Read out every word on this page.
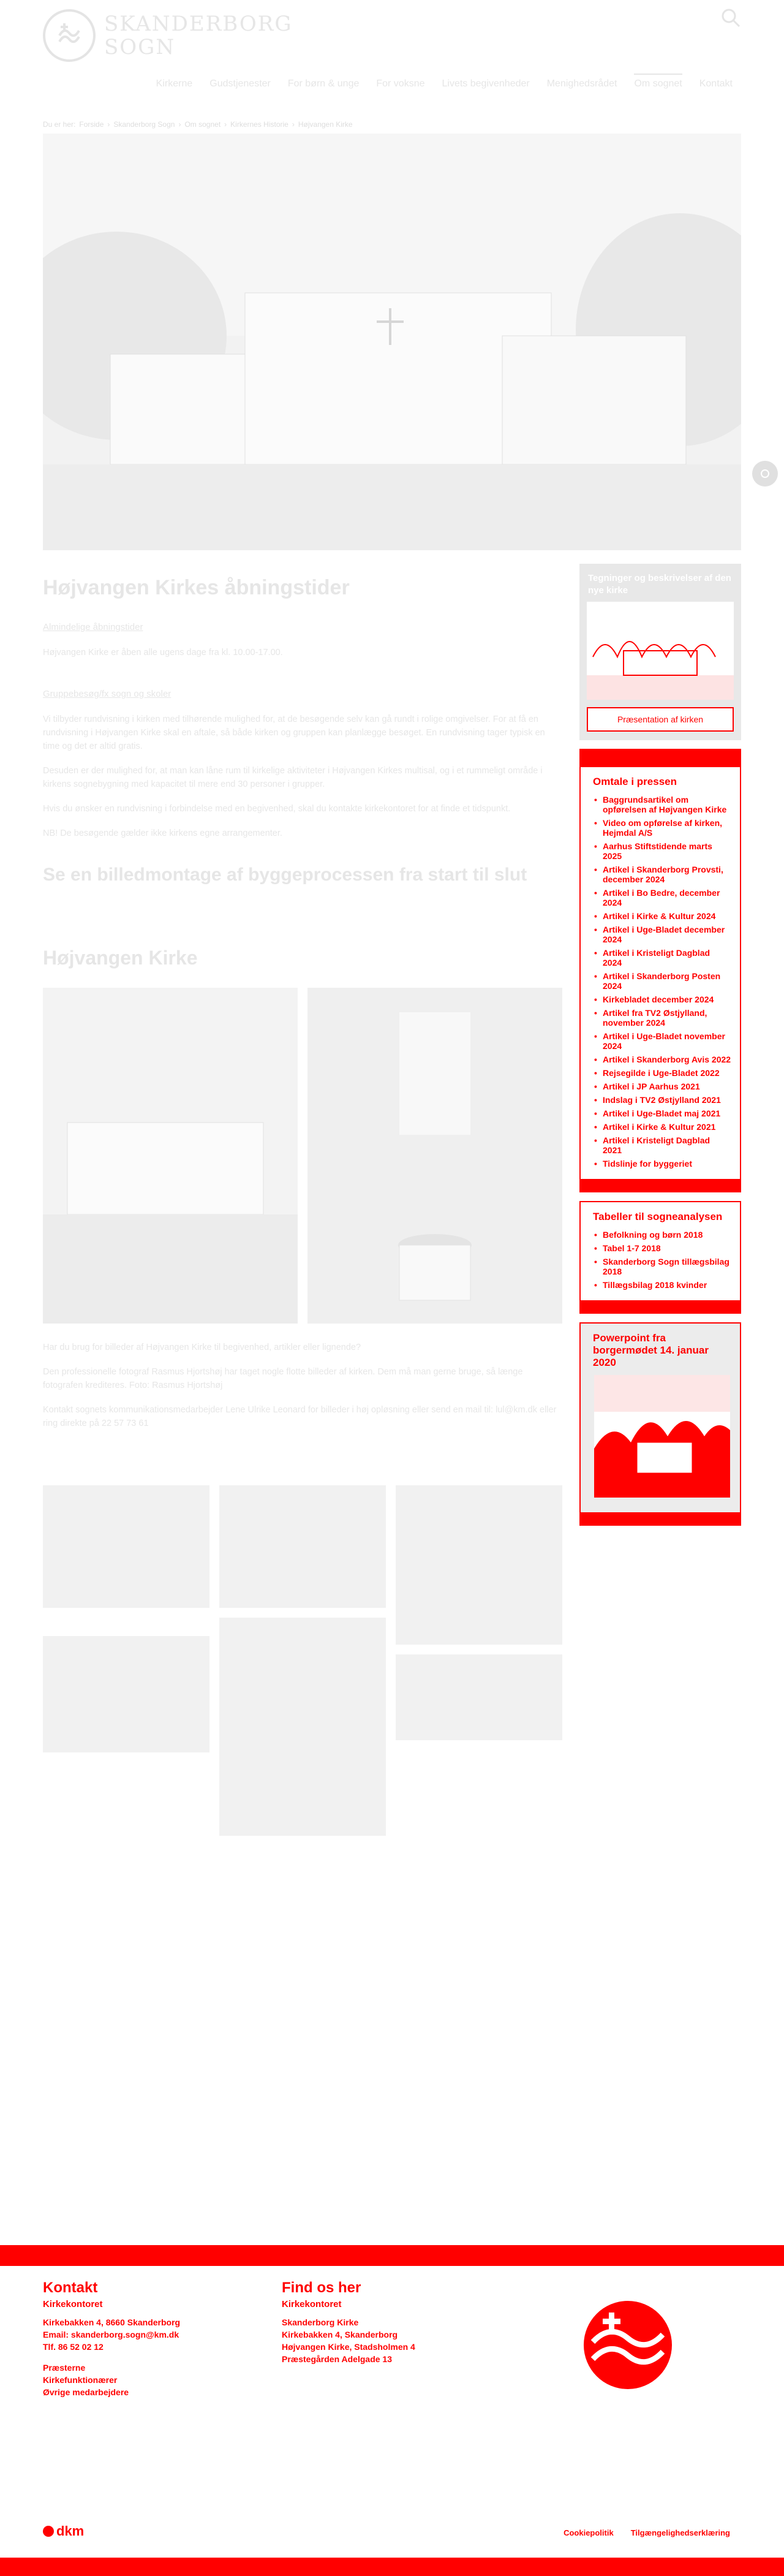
SKANDERBORG
SOGN
Kirkerne	Gudstjenester	For børn & unge	For voksne	Livets begivenheder	Menighedsrådet	Om sognet	Kontakt
Du er her: Forside › Skanderborg Sogn › Om sognet › Kirkernes Historie › Højvangen Kirke
Højvangen Kirkes åbningstider
Almindelige åbningstider

Højvangen Kirke er åben alle ugens dage fra kl. 10.00-17.00.

Gruppebesøg/fx sogn og skoler

Vi tilbyder rundvisning i kirken med tilhørende mulighed for, at de besøgende selv kan gå rundt i rolige omgivelser. For at få en rundvisning i Højvangen Kirke skal en aftale, så både kirken og gruppen kan planlægge besøget. En rundvisning tager typisk en time og det er altid gratis.

Desuden er der mulighed for, at man kan låne rum til kirkelige aktiviteter i Højvangen Kirkes multisal, og i et rummeligt område i kirkens sognebygning med kapacitet til mere end 30 personer i grupper.

Hvis du ønsker en rundvisning i forbindelse med en begivenhed, skal du kontakte kirkekontoret for at finde et tidspunkt.

NB! De besøgende gælder ikke kirkens egne arrangementer.

Se en billedmontage af byggeprocessen fra start til slut
Højvangen Kirke

Har du brug for billeder af Højvangen Kirke til begivenhed, artikler eller lignende?

Den professionelle fotograf Rasmus Hjortshøj har taget nogle flotte billeder af kirken. Dem må man gerne bruge, så længe fotografen krediteres. Foto: Rasmus Hjortshøj

Kontakt sognets kommunikationsmedarbejder Lene Ulrike Leonard for billeder i høj opløsning eller send en mail til: lul@km.dk eller ring direkte på 22 57 73 61

Tegninger og beskrivelser af den nye kirke
Præsentation af kirken
Omtale i pressen
• Baggrundsartikel om opførelsen af Højvangen Kirke
• Video om opførelse af kirken, Hejmdal A/S
• Aarhus Stiftstidende marts 2025
• Artikel i Skanderborg Provsti, december 2024
• Artikel i Bo Bedre, december 2024
• Artikel i Kirke & Kultur 2024
• Artikel i Uge-Bladet december 2024
• Artikel i Kristeligt Dagblad 2024
• Artikel i Skanderborg Posten 2024
• Kirkebladet december 2024
• Artikel fra TV2 Østjylland, november 2024
• Artikel i Uge-Bladet november 2024
• Artikel i Skanderborg Avis 2022
• Rejsegilde i Uge-Bladet 2022
• Artikel i JP Aarhus 2021
• Indslag i TV2 Østjylland 2021
• Artikel i Uge-Bladet maj 2021
• Artikel i Kirke & Kultur 2021
• Artikel i Kristeligt Dagblad 2021
• Tidslinje for byggeriet
Tabeller til sogneanalysen
• Befolkning og børn 2018
• Tabel 1-7 2018
• Skanderborg Sogn tillægsbilag 2018
• Tillægsbilag 2018 kvinder
Powerpoint fra borgermødet 14. januar 2020
Kontakt
Kirkekontoret
Kirkebakken 4, 8660 Skanderborg
Email: skanderborg.sogn@km.dk
Tlf. 86 52 02 12
Præsterne
Kirkefunktionærer
Øvrige medarbejdere
Find os her
Kirkekontoret
Skanderborg Kirke
Kirkebakken 4, Skanderborg
Højvangen Kirke, Stadsholmen 4
Præstegården Adelgade 13
dkm	Cookiepolitik Tilgængelighedserklæring
